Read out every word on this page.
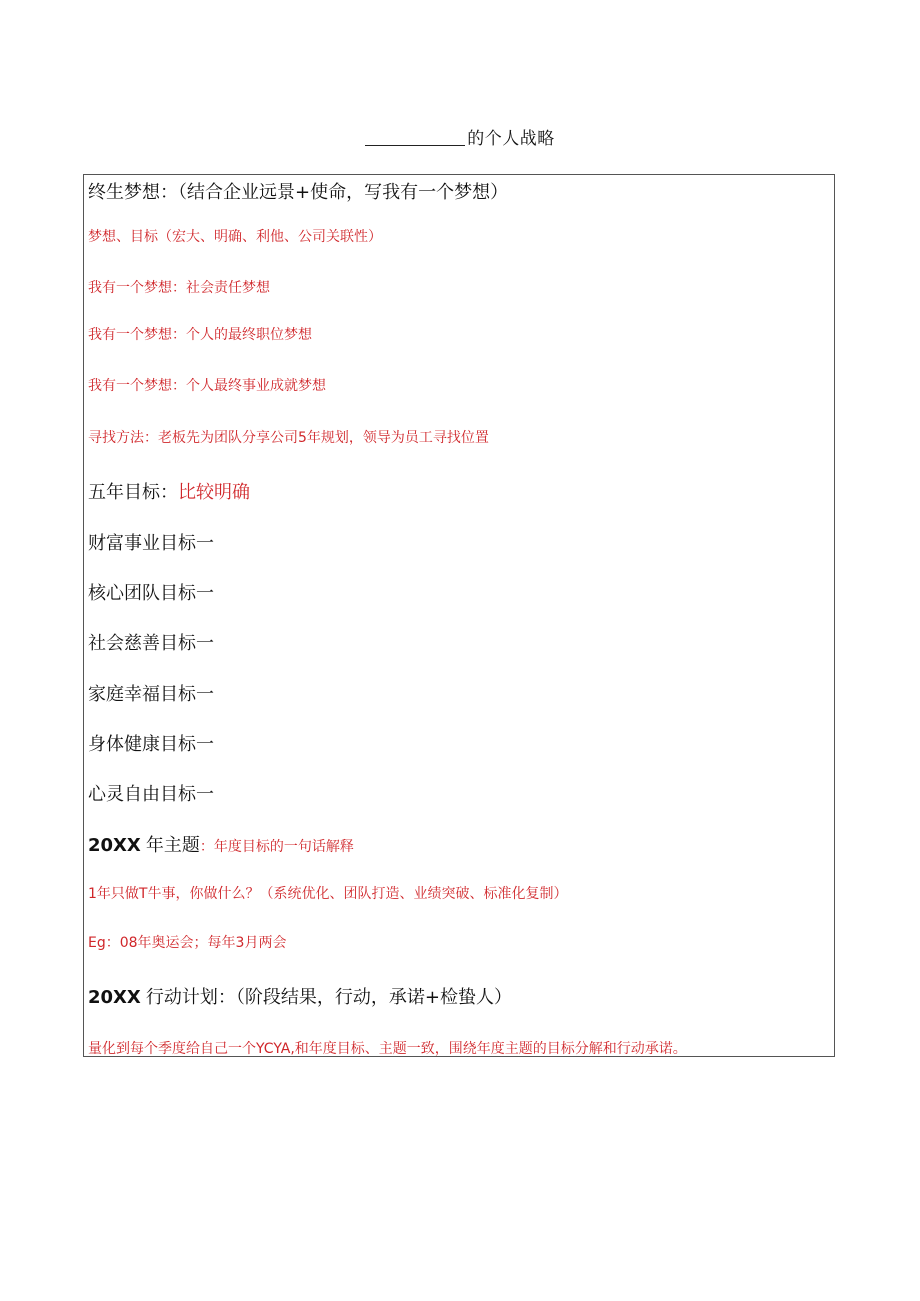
的个人战略
终生梦想：（结合企业远景+使命，写我有一个梦想）
梦想、目标（宏大、明确、利他、公司关联性）
我有一个梦想：社会责任梦想
我有一个梦想：个人的最终职位梦想
我有一个梦想：个人最终事业成就梦想
寻找方法：老板先为团队分享公司5年规划，领导为员工寻找位置
五年目标：比较明确
财富事业目标一
核心团队目标一
社会慈善目标一
家庭幸福目标一
身体健康目标一
心灵自由目标一
20XX 年主题：年度目标的一句话解释
1年只做T牛事，你做什么？（系统优化、团队打造、业绩突破、标准化复制）
Eg：08年奥运会；每年3月两会
20XX 行动计划：（阶段结果，行动，承诺+检蛰人）
量化到每个季度给自己一个YCYA,和年度目标、主题一致，围绕年度主题的目标分解和行动承诺。
